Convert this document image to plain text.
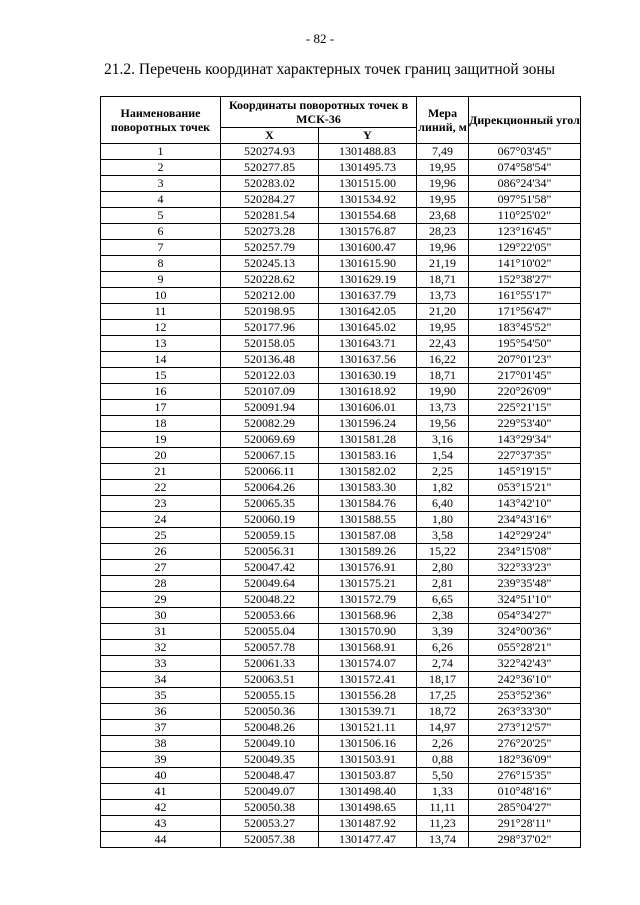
- 82 -
21.2. Перечень координат характерных точек границ защитной зоны
Наименование поворотных точек	Координаты поворотных точек в МСК-36		Мера линий, м	Дирекционный угол
	X	Y		
1	520274.93	1301488.83	7,49	067°03'45"
2	520277.85	1301495.73	19,95	074°58'54"
3	520283.02	1301515.00	19,96	086°24'34"
4	520284.27	1301534.92	19,95	097°51'58"
5	520281.54	1301554.68	23,68	110°25'02"
6	520273.28	1301576.87	28,23	123°16'45"
7	520257.79	1301600.47	19,96	129°22'05"
8	520245.13	1301615.90	21,19	141°10'02"
9	520228.62	1301629.19	18,71	152°38'27"
10	520212.00	1301637.79	13,73	161°55'17"
11	520198.95	1301642.05	21,20	171°56'47"
12	520177.96	1301645.02	19,95	183°45'52"
13	520158.05	1301643.71	22,43	195°54'50"
14	520136.48	1301637.56	16,22	207°01'23"
15	520122.03	1301630.19	18,71	217°01'45"
16	520107.09	1301618.92	19,90	220°26'09"
17	520091.94	1301606.01	13,73	225°21'15"
18	520082.29	1301596.24	19,56	229°53'40"
19	520069.69	1301581.28	3,16	143°29'34"
20	520067.15	1301583.16	1,54	227°37'35"
21	520066.11	1301582.02	2,25	145°19'15"
22	520064.26	1301583.30	1,82	053°15'21"
23	520065.35	1301584.76	6,40	143°42'10"
24	520060.19	1301588.55	1,80	234°43'16"
25	520059.15	1301587.08	3,58	142°29'24"
26	520056.31	1301589.26	15,22	234°15'08"
27	520047.42	1301576.91	2,80	322°33'23"
28	520049.64	1301575.21	2,81	239°35'48"
29	520048.22	1301572.79	6,65	324°51'10"
30	520053.66	1301568.96	2,38	054°34'27"
31	520055.04	1301570.90	3,39	324°00'36"
32	520057.78	1301568.91	6,26	055°28'21"
33	520061.33	1301574.07	2,74	322°42'43"
34	520063.51	1301572.41	18,17	242°36'10"
35	520055.15	1301556.28	17,25	253°52'36"
36	520050.36	1301539.71	18,72	263°33'30"
37	520048.26	1301521.11	14,97	273°12'57"
38	520049.10	1301506.16	2,26	276°20'25"
39	520049.35	1301503.91	0,88	182°36'09"
40	520048.47	1301503.87	5,50	276°15'35"
41	520049.07	1301498.40	1,33	010°48'16"
42	520050.38	1301498.65	11,11	285°04'27"
43	520053.27	1301487.92	11,23	291°28'11"
44	520057.38	1301477.47	13,74	298°37'02"
